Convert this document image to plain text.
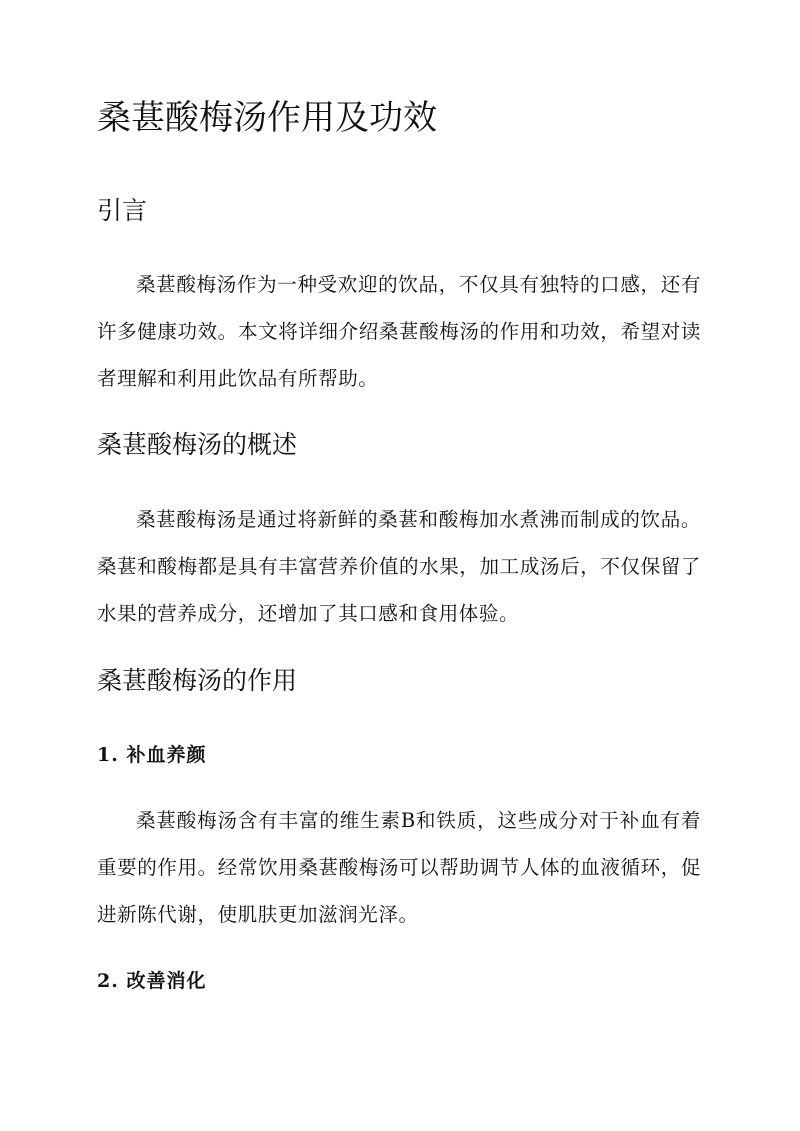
桑葚酸梅汤作用及功效
引言

桑葚酸梅汤作为一种受欢迎的饮品，不仅具有独特的口感，还有许多健康功效。本文将详细介绍桑葚酸梅汤的作用和功效，希望对读者理解和利用此饮品有所帮助。

桑葚酸梅汤的概述

桑葚酸梅汤是通过将新鲜的桑葚和酸梅加水煮沸而制成的饮品。桑葚和酸梅都是具有丰富营养价值的水果，加工成汤后，不仅保留了水果的营养成分，还增加了其口感和食用体验。

桑葚酸梅汤的作用
1. 补血养颜

桑葚酸梅汤含有丰富的维生素B和铁质，这些成分对于补血有着重要的作用。经常饮用桑葚酸梅汤可以帮助调节人体的血液循环，促进新陈代谢，使肌肤更加滋润光泽。

2. 改善消化
